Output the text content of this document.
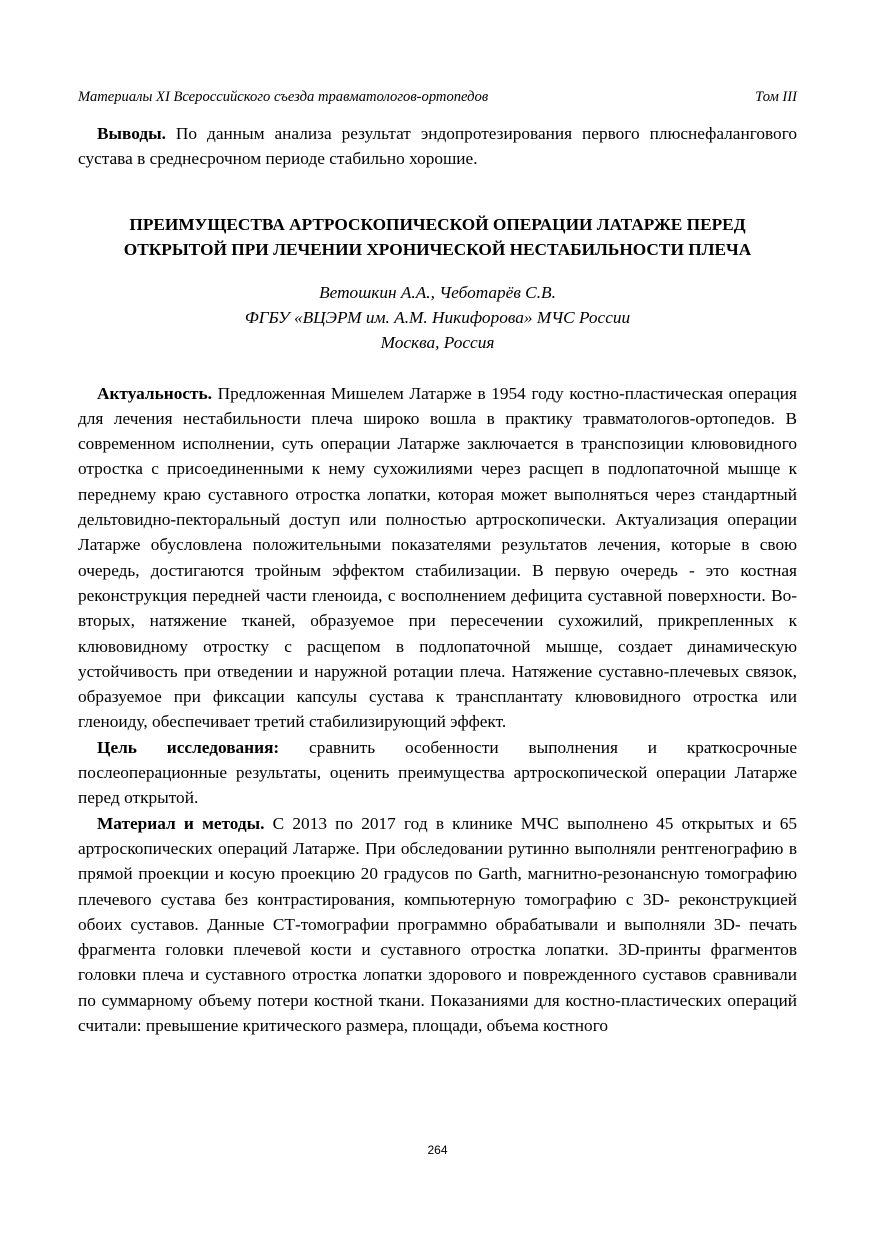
Материалы XI Всероссийского съезда травматологов-ортопедов	Том III

Выводы. По данным анализа результат эндопротезирования первого плюснефалангового сустава в среднесрочном периоде стабильно хорошие.

ПРЕИМУЩЕСТВА АРТРОСКОПИЧЕСКОЙ ОПЕРАЦИИ ЛАТАРЖЕ ПЕРЕД
ОТКРЫТОЙ ПРИ ЛЕЧЕНИИ ХРОНИЧЕСКОЙ НЕСТАБИЛЬНОСТИ ПЛЕЧА
Ветошкин А.А., Чеботарёв С.В.
ФГБУ «ВЦЭРМ им. А.М. Никифорова» МЧС России
Москва, Россия

Актуальность. Предложенная Мишелем Латарже в 1954 году костно-пластическая операция для лечения нестабильности плеча широко вошла в практику травматологов-ортопедов. В современном исполнении, суть операции Латарже заключается в транспозиции клювовидного отростка с присоединенными к нему сухожилиями через расщеп в подлопаточной мышце к переднему краю суставного отростка лопатки, которая может выполняться через стандартный дельтовидно-пекторальный доступ или полностью артроскопически. Актуализация операции Латарже обусловлена положительными показателями результатов лечения, которые в свою очередь, достигаются тройным эффектом стабилизации. В первую очередь - это костная реконструкция передней части гленоида, с восполнением дефицита суставной поверхности. Во-вторых, натяжение тканей, образуемое при пересечении сухожилий, прикрепленных к клювовидному отростку с расщепом в подлопаточной мышце, создает динамическую устойчивость при отведении и наружной ротации плеча. Натяжение суставно-плечевых связок, образуемое при фиксации капсулы сустава к трансплантату клювовидного отростка или гленоиду, обеспечивает третий стабилизирующий эффект.

Цель исследования: сравнить особенности выполнения и краткосрочные послеоперационные результаты, оценить преимущества артроскопической операции Латарже перед открытой.

Материал и методы. С 2013 по 2017 год в клинике МЧС выполнено 45 открытых и 65 артроскопических операций Латарже. При обследовании рутинно выполняли рентгенографию в прямой проекции и косую проекцию 20 градусов по Garth, магнитно-резонансную томографию плечевого сустава без контрастирования, компьютерную томографию с 3D- реконструкцией обоих суставов. Данные СТ-томографии программно обрабатывали и выполняли 3D- печать фрагмента головки плечевой кости и суставного отростка лопатки. 3D-принты фрагментов головки плеча и суставного отростка лопатки здорового и поврежденного суставов сравнивали по суммарному объему потери костной ткани. Показаниями для костно-пластических операций считали: превышение критического размера, площади, объема костного

264
